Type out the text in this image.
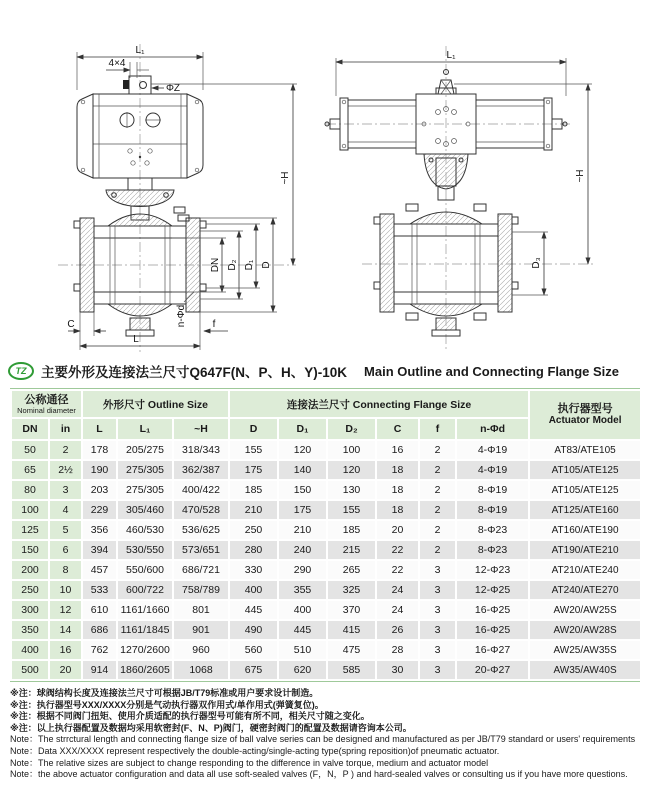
L₁
4×4
ΦZ
~H
DN D₂ D₁ D
C	f
n-Φd
L
L₁
~H
D₃
TZ	主要外形及连接法兰尺寸Q647F(N、P、H、Y)-10K Main Outline and Connecting Flange Size
公称通径
Nominal diameter	外形尺寸 Outline Size	连接法兰尺寸 Connecting Flange Size	执行器型号
Actuator Model

DN	in	L	L₁	~H	D	D₁	D₂	C	f	n-Φd	
50	2	178	205/275	318/343	155	120	100	16	2	4-Φ19	AT83/ATE105
65	2½	190	275/305	362/387	175	140	120	18	2	4-Φ19	AT105/ATE125
80	3	203	275/305	400/422	185	150	130	18	2	8-Φ19	AT105/ATE125
100	4	229	305/460	470/528	210	175	155	18	2	8-Φ19	AT125/ATE160
125	5	356	460/530	536/625	250	210	185	20	2	8-Φ23	AT160/ATE190
150	6	394	530/550	573/651	280	240	215	22	2	8-Φ23	AT190/ATE210
200	8	457	550/600	686/721	330	290	265	22	3	12-Φ23	AT210/ATE240
250	10	533	600/722	758/789	400	355	325	24	3	12-Φ25	AT240/ATE270
300	12	610	1161/1660	801	445	400	370	24	3	16-Φ25	AW20/AW25S
350	14	686	1161/1845	901	490	445	415	26	3	16-Φ25	AW20/AW28S
400	16	762	1270/2600	960	560	510	475	28	3	16-Φ27	AW25/AW35S
500	20	914	1860/2605	1068	675	620	585	30	3	20-Φ27	AW35/AW40S
※注：球阀结构长度及连接法兰尺寸可根据JB/T79标准或用户要求设计制造。
※注：执行器型号XXX/XXXX分别是气动执行器双作用式/单作用式(弹簧复位)。
※注：根据不同阀门扭矩、使用介质适配的执行器型号可能有所不同，相关尺寸随之变化。
※注：以上执行器配置及数据均采用软密封(F、N、P)阀门，硬密封阀门的配置及数据请咨询本公司。
Note：The strrctural length and connecting flange size of ball valve series can be designed and manufactured as per JB/T79 standard or users' requirements
Note：Data XXX/XXXX represent respectively the double-acting/single-acting type(spring reposition)of pneumatic actuator.
Note：The relative sizes are subject to change responding to the difference in valve torque, medium and actuator model
Note：the above actuator configuration and data all use soft-sealed valves (F，N，P ) and hard-sealed valves or consulting us if you have more questions.
